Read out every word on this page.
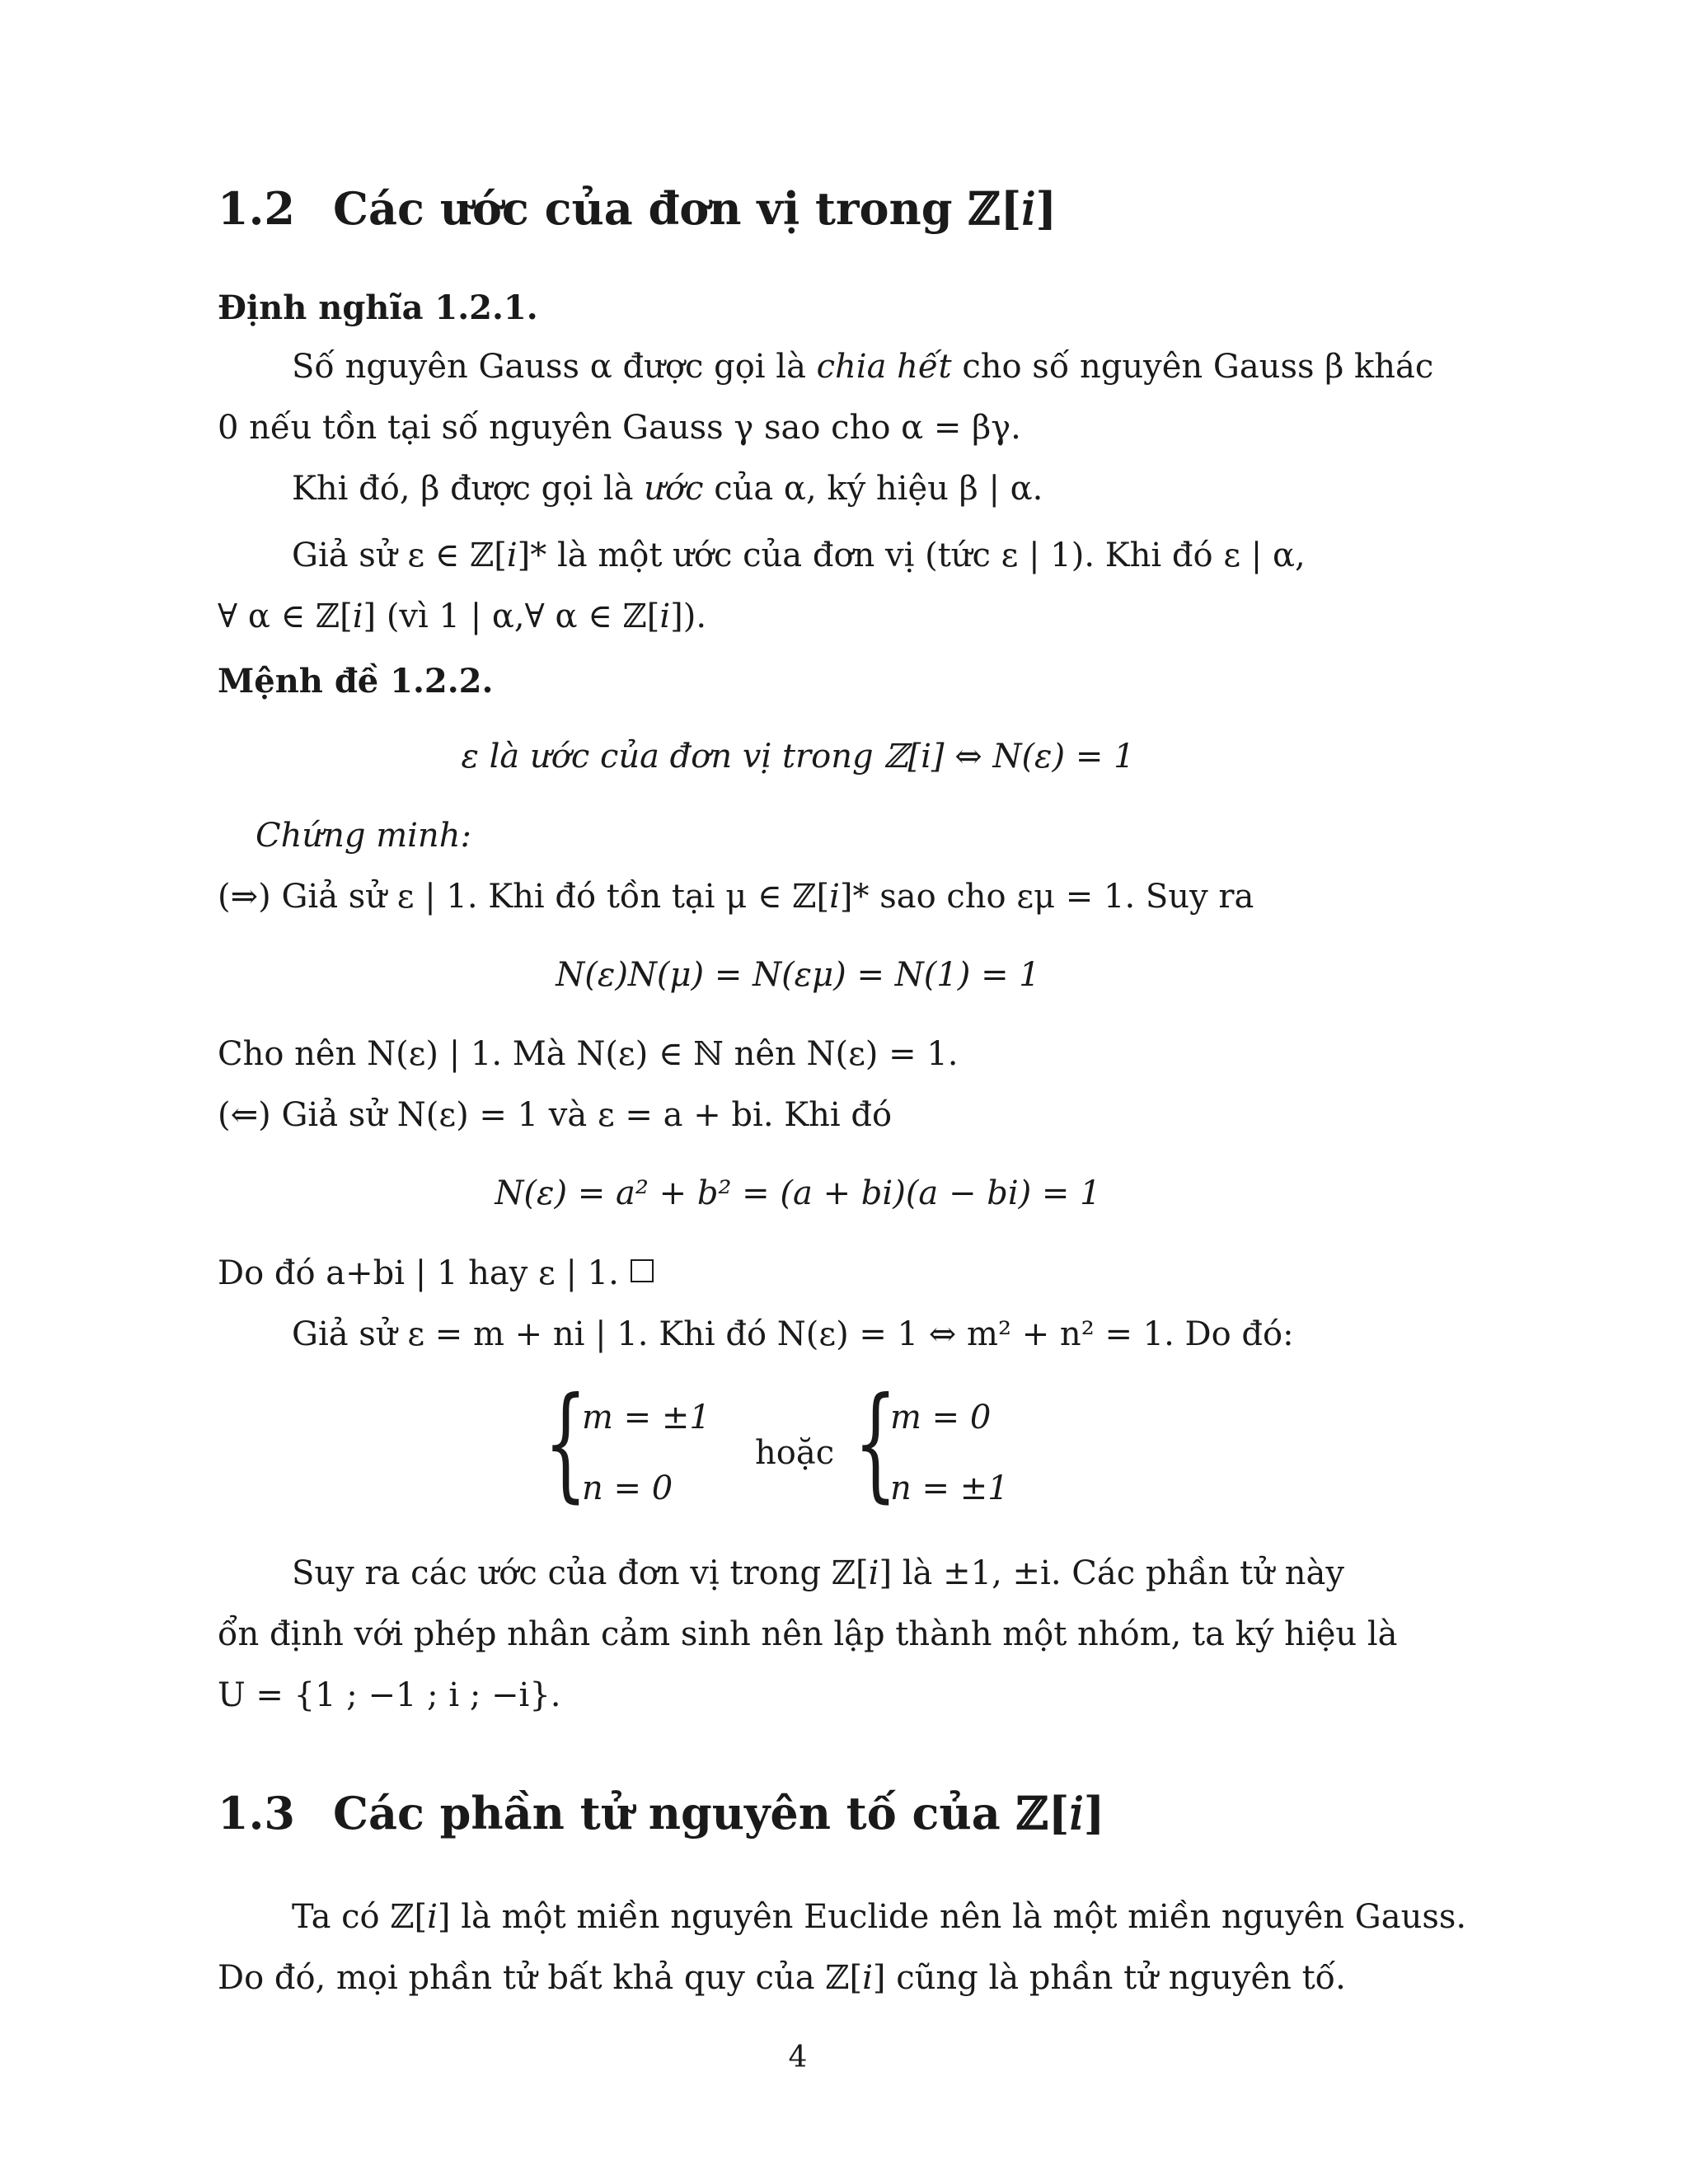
1.2 Các ước của đơn vị trong ℤ[𝑖]
Định nghĩa 1.2.1.
Số nguyên Gauss α được gọi là chia hết cho số nguyên Gauss β khác
0 nếu tồn tại số nguyên Gauss γ sao cho α = βγ.
Khi đó, β được gọi là ước của α, ký hiệu β | α.
Giả sử ε ∈ ℤ[𝑖]* là một ước của đơn vị (tức ε | 1). Khi đó ε | α,
∀ α ∈ ℤ[𝑖] (vì 1 | α,∀ α ∈ ℤ[𝑖]).
Mệnh đề 1.2.2.
ε là ước của đơn vị trong ℤ[𝑖] ⇔ N(ε) = 1
Chứng minh:
(⇒) Giả sử ε | 1. Khi đó tồn tại μ ∈ ℤ[𝑖]* sao cho εμ = 1. Suy ra
N(ε)N(μ) = N(εμ) = N(1) = 1
Cho nên N(ε) | 1. Mà N(ε) ∈ ℕ nên N(ε) = 1.
(⇐) Giả sử N(ε) = 1 và ε = a + bi. Khi đó
N(ε) = a² + b² = (a + bi)(a − bi) = 1
Do đó a+bi | 1 hay ε | 1.
Giả sử ε = m + ni | 1. Khi đó N(ε) = 1 ⇔ m² + n² = 1. Do đó:
{
m = ±1
n = 0
hoặc {
m = 0
n = ±1
Suy ra các ước của đơn vị trong ℤ[𝑖] là ±1, ±i. Các phần tử này
ổn định với phép nhân cảm sinh nên lập thành một nhóm, ta ký hiệu là
U = {1 ; −1 ; i ; −i}.
1.3 Các phần tử nguyên tố của ℤ[𝑖]
Ta có ℤ[𝑖] là một miền nguyên Euclide nên là một miền nguyên Gauss.
Do đó, mọi phần tử bất khả quy của ℤ[𝑖] cũng là phần tử nguyên tố.
4
